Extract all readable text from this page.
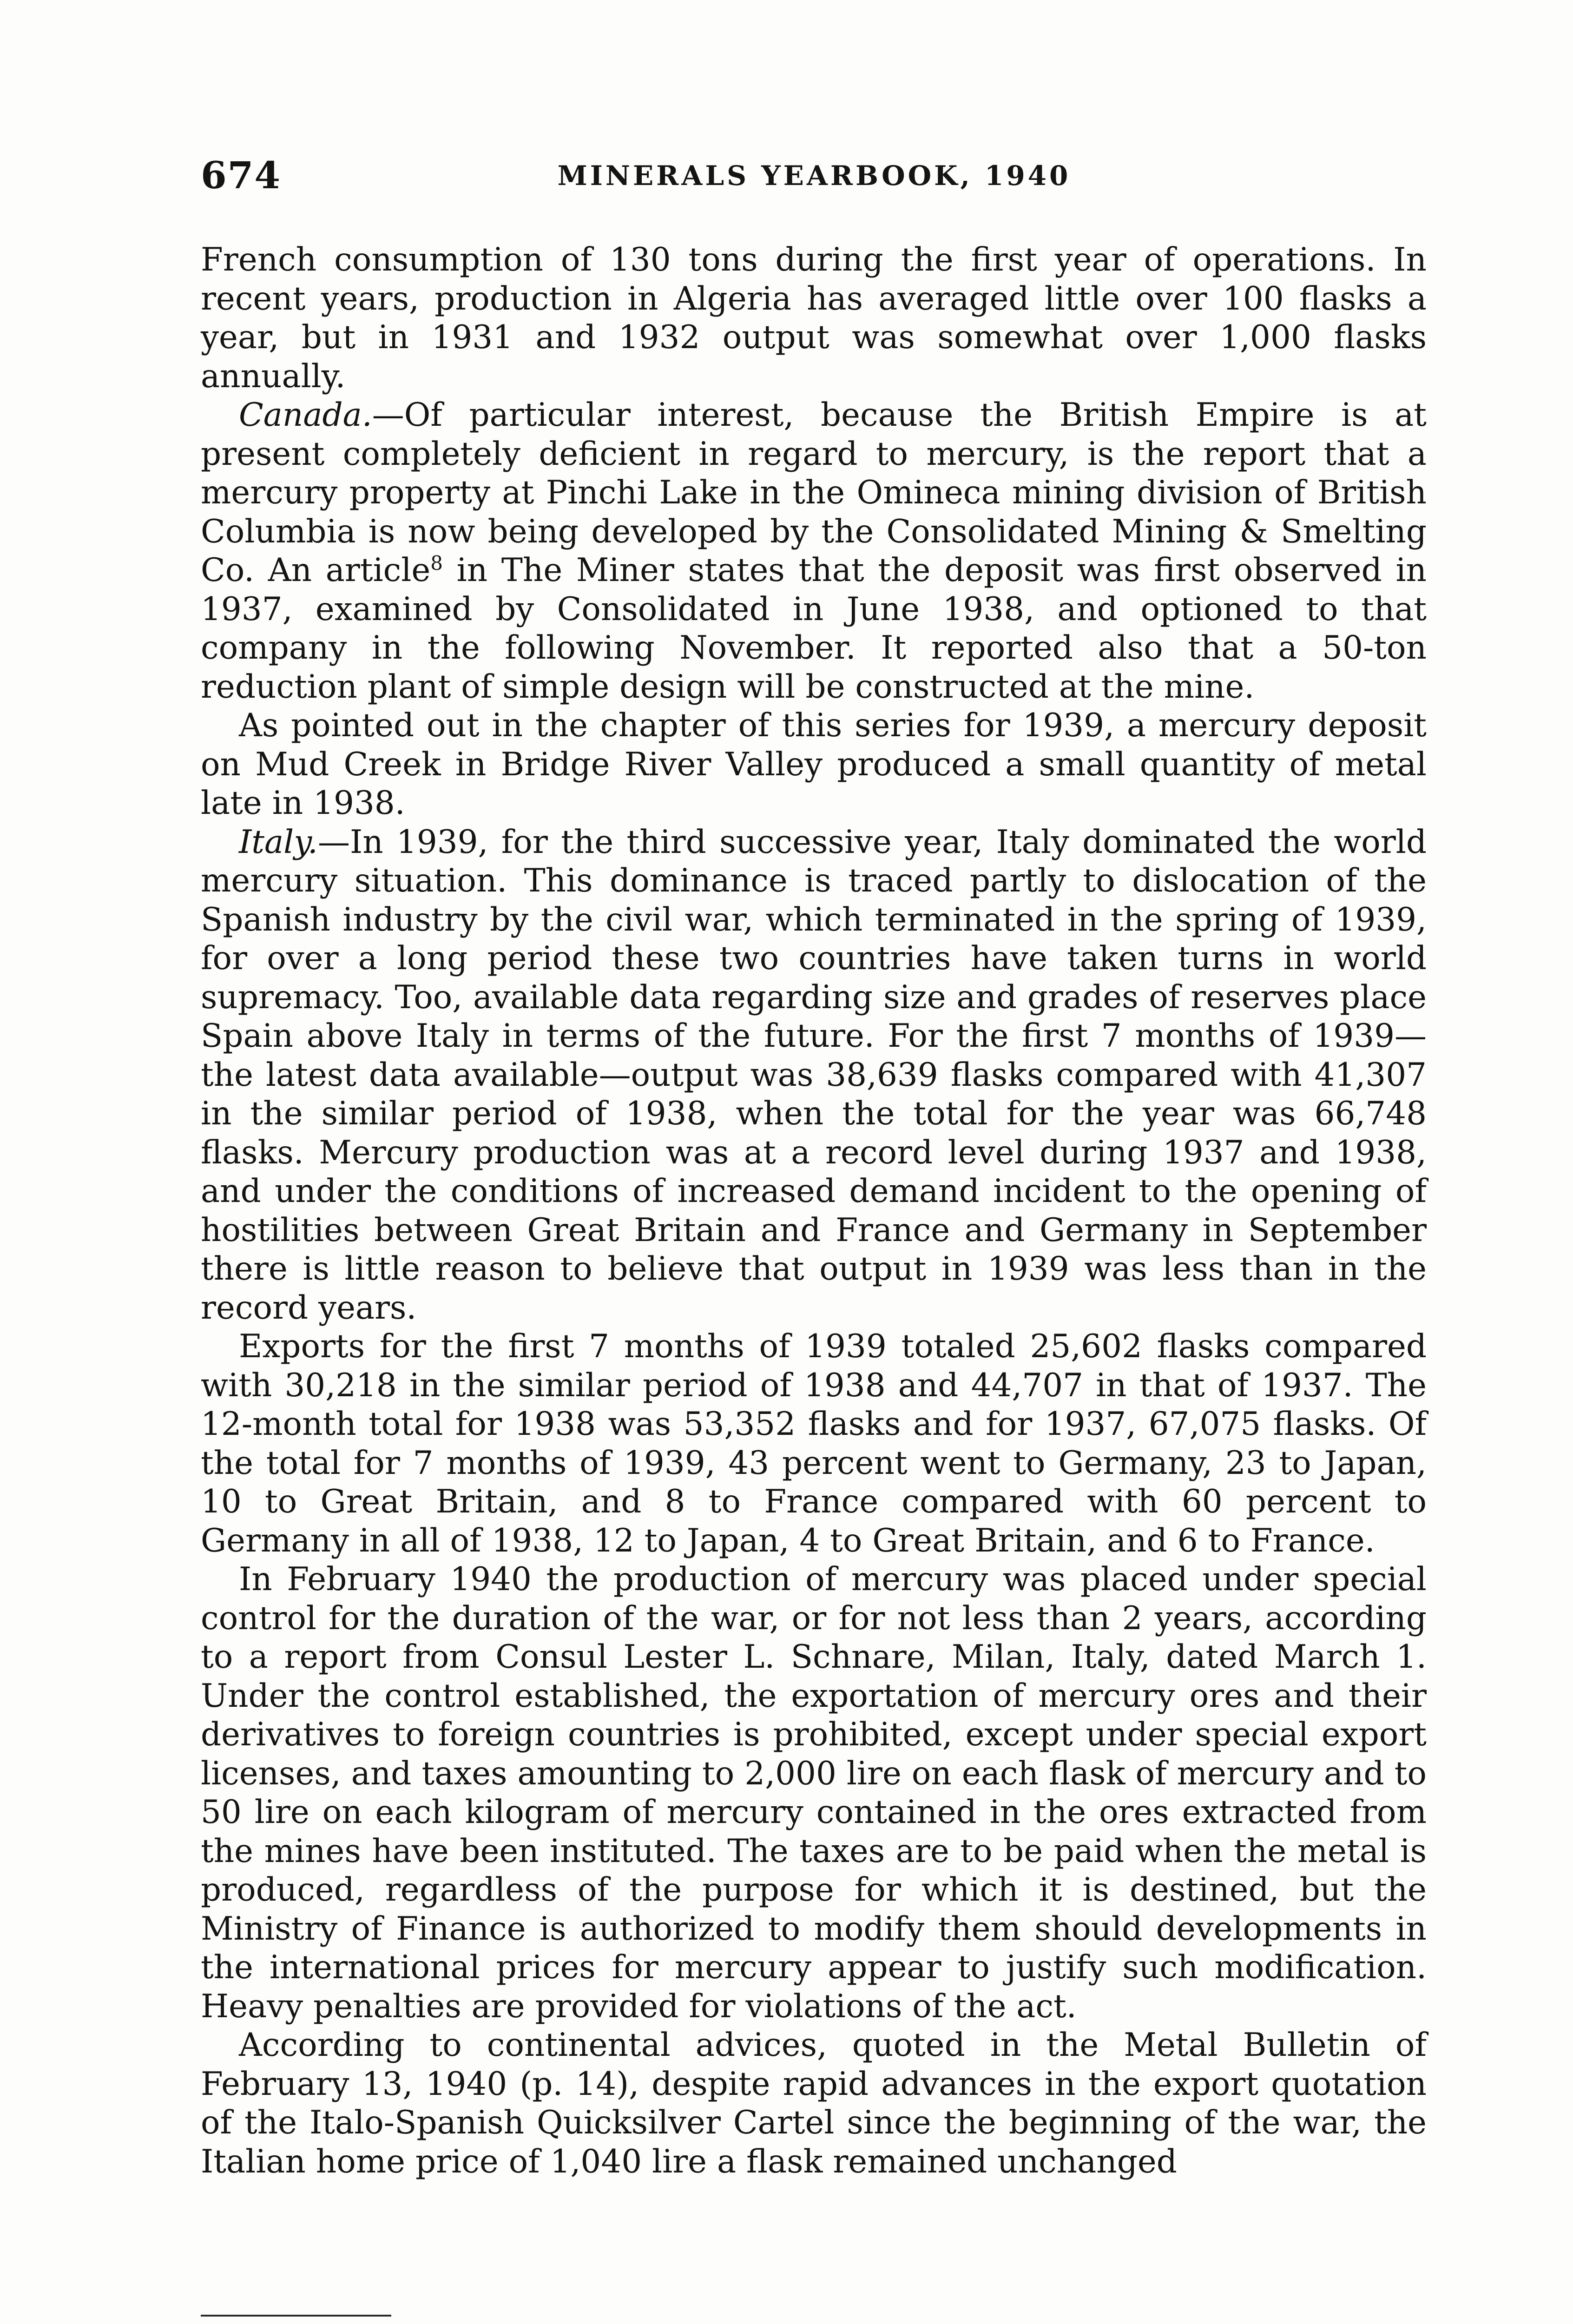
674	MINERALS YEARBOOK, 1940

French consumption of 130 tons during the first year of operations. In recent years, production in Algeria has averaged little over 100 flasks a year, but in 1931 and 1932 output was somewhat over 1,000 flasks annually.

Canada.—Of particular interest, because the British Empire is at present completely deficient in regard to mercury, is the report that a mercury property at Pinchi Lake in the Omineca mining division of British Columbia is now being developed by the Consolidated Mining & Smelting Co. An article$^8$ in The Miner states that the deposit was first observed in 1937, examined by Consolidated in June 1938, and optioned to that company in the following November. It reported also that a 50-ton reduction plant of simple design will be constructed at the mine.

As pointed out in the chapter of this series for 1939, a mercury deposit on Mud Creek in Bridge River Valley produced a small quantity of metal late in 1938.

Italy.—In 1939, for the third successive year, Italy dominated the world mercury situation. This dominance is traced partly to dislocation of the Spanish industry by the civil war, which terminated in the spring of 1939, for over a long period these two countries have taken turns in world supremacy. Too, available data regarding size and grades of reserves place Spain above Italy in terms of the future. For the first 7 months of 1939—the latest data available—output was 38,639 flasks compared with 41,307 in the similar period of 1938, when the total for the year was 66,748 flasks. Mercury production was at a record level during 1937 and 1938, and under the conditions of increased demand incident to the opening of hostilities between Great Britain and France and Germany in September there is little reason to believe that output in 1939 was less than in the record years.

Exports for the first 7 months of 1939 totaled 25,602 flasks compared with 30,218 in the similar period of 1938 and 44,707 in that of 1937. The 12-month total for 1938 was 53,352 flasks and for 1937, 67,075 flasks. Of the total for 7 months of 1939, 43 percent went to Germany, 23 to Japan, 10 to Great Britain, and 8 to France compared with 60 percent to Germany in all of 1938, 12 to Japan, 4 to Great Britain, and 6 to France.

In February 1940 the production of mercury was placed under special control for the duration of the war, or for not less than 2 years, according to a report from Consul Lester L. Schnare, Milan, Italy, dated March 1. Under the control established, the exportation of mercury ores and their derivatives to foreign countries is prohibited, except under special export licenses, and taxes amounting to 2,000 lire on each flask of mercury and to 50 lire on each kilogram of mercury contained in the ores extracted from the mines have been instituted. The taxes are to be paid when the metal is produced, regardless of the purpose for which it is destined, but the Ministry of Finance is authorized to modify them should developments in the international prices for mercury appear to justify such modification. Heavy penalties are provided for violations of the act.

According to continental advices, quoted in the Metal Bulletin of February 13, 1940 (p. 14), despite rapid advances in the export quotation of the Italo-Spanish Quicksilver Cartel since the beginning of the war, the Italian home price of 1,040 lire a flask remained unchanged
